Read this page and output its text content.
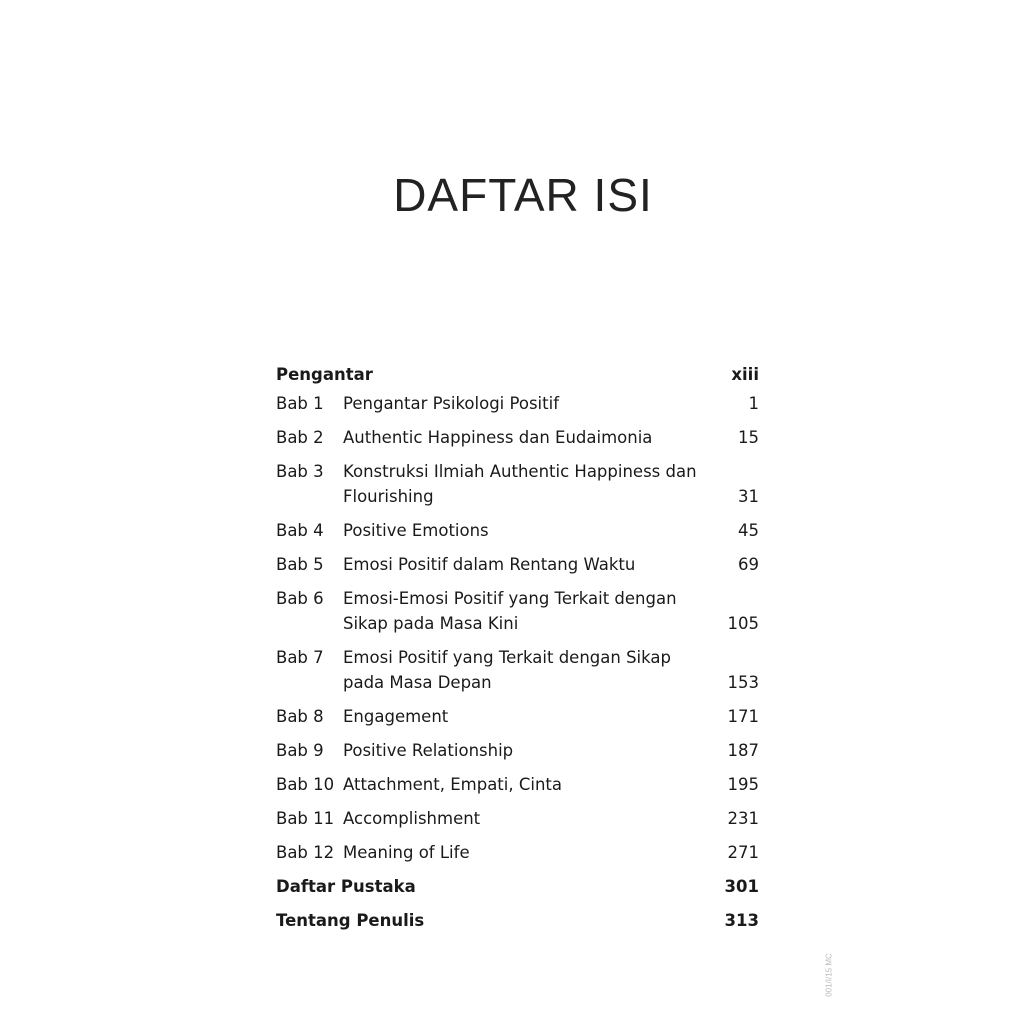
DAFTAR ISI
Pengantar	xiii
Bab 1	Pengantar Psikologi Positif	1
Bab 2	Authentic Happiness dan Eudaimonia	15
Bab 3	Konstruksi Ilmiah Authentic Happiness dan Flourishing	31
Bab 4	Positive Emotions	45
Bab 5	Emosi Positif dalam Rentang Waktu	69
Bab 6	Emosi-Emosi Positif yang Terkait dengan Sikap pada Masa Kini	105
Bab 7	Emosi Positif yang Terkait dengan Sikap pada Masa Depan	153
Bab 8	Engagement	171
Bab 9	Positive Relationship	187
Bab 10 Attachment, Empati, Cinta	195
Bab 11 Accomplishment	231
Bab 12 Meaning of Life	271
Daftar Pustaka	301
Tentang Penulis	313
001/I/15 MC
